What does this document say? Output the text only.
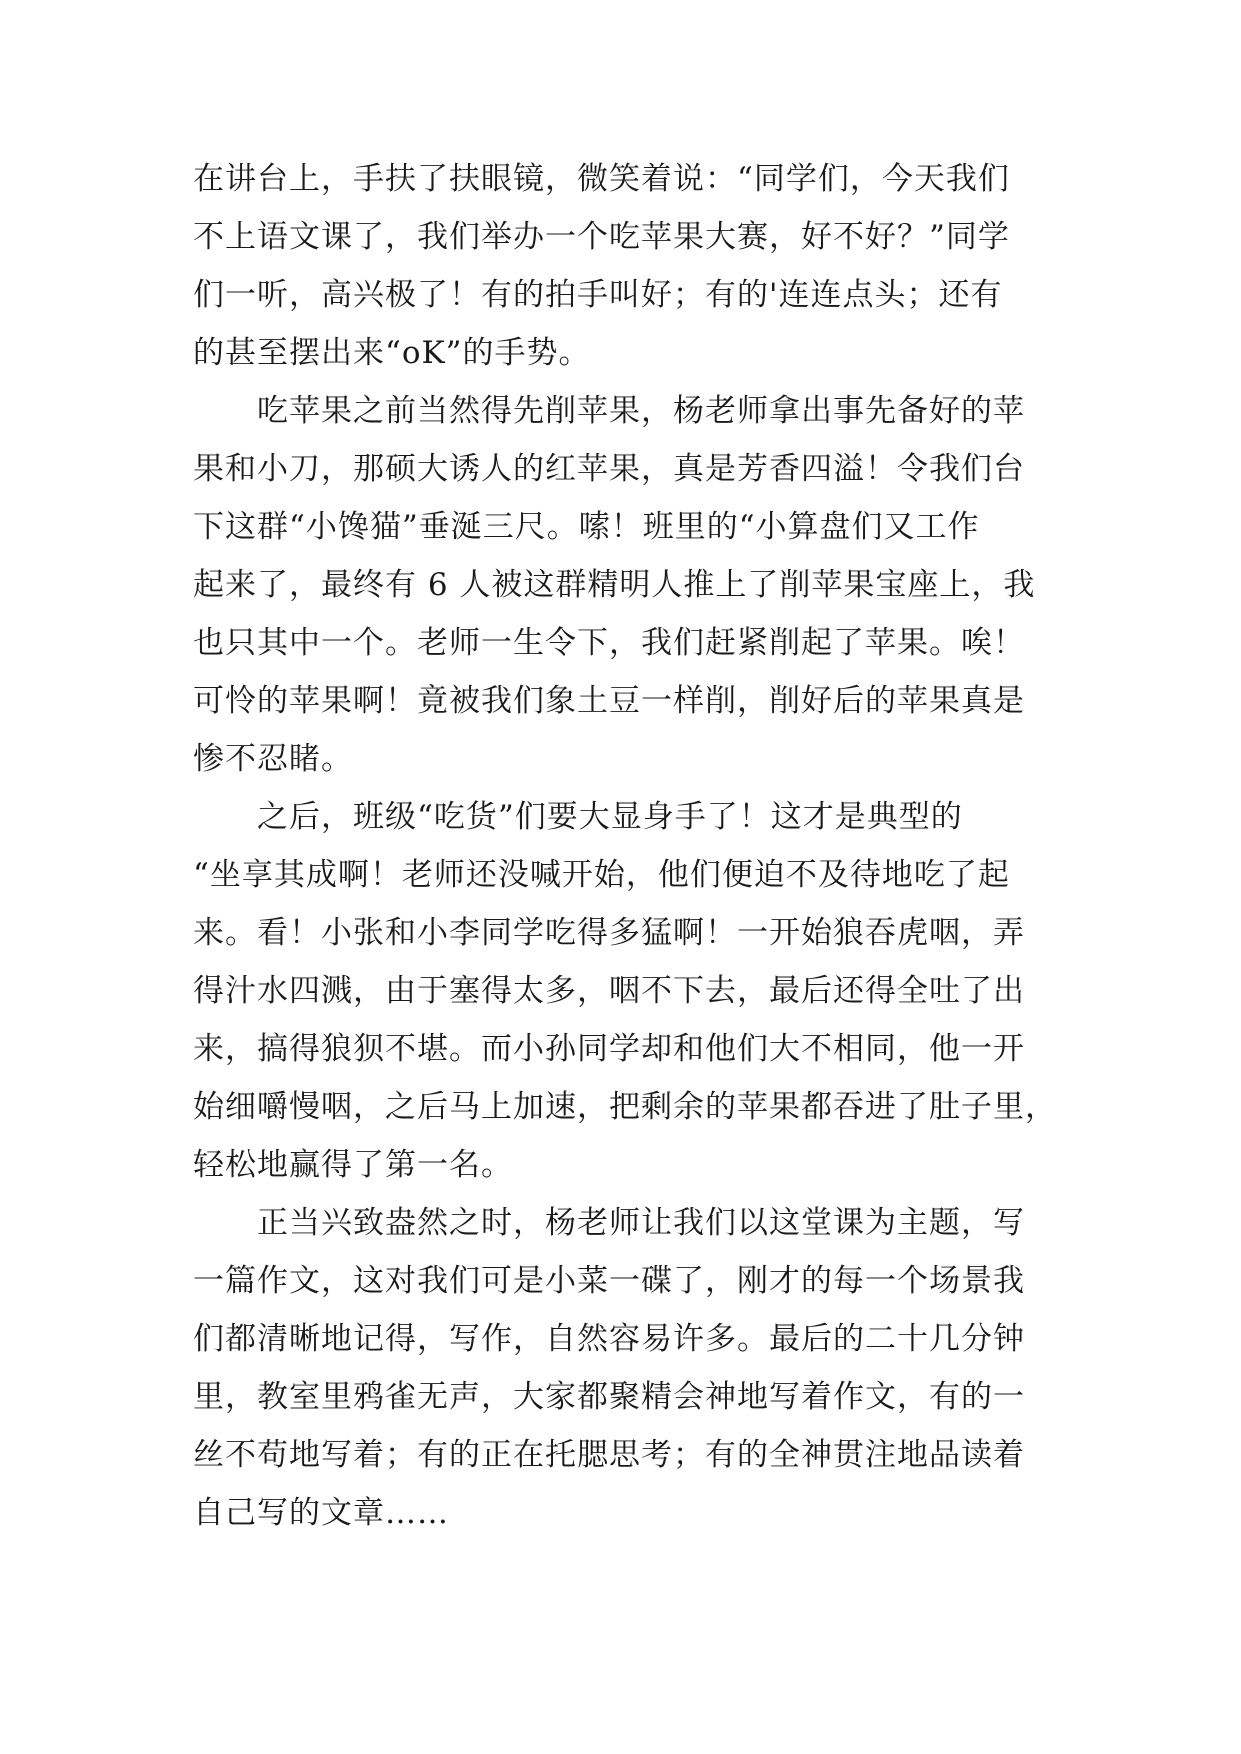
在讲台上，手扶了扶眼镜，微笑着说：“同学们，今天我们
不上语文课了，我们举办一个吃苹果大赛，好不好？”同学
们一听，高兴极了！有的拍手叫好；有的'连连点头；还有
的甚至摆出来“oK”的手势。
吃苹果之前当然得先削苹果，杨老师拿出事先备好的苹
果和小刀，那硕大诱人的红苹果，真是芳香四溢！令我们台
下这群“小馋猫”垂涎三尺。嗦！班里的“小算盘们又工作
起来了，最终有 6 人被这群精明人推上了削苹果宝座上，我
也只其中一个。老师一生令下，我们赶紧削起了苹果。唉！
可怜的苹果啊！竟被我们象土豆一样削，削好后的苹果真是
惨不忍睹。
之后，班级“吃货”们要大显身手了！这才是典型的
“坐享其成啊！老师还没喊开始，他们便迫不及待地吃了起
来。看！小张和小李同学吃得多猛啊！一开始狼吞虎咽，弄
得汁水四溅，由于塞得太多，咽不下去，最后还得全吐了出
来，搞得狼狈不堪。而小孙同学却和他们大不相同，他一开
始细嚼慢咽，之后马上加速，把剩余的苹果都吞进了肚子里，
轻松地赢得了第一名。
正当兴致盎然之时，杨老师让我们以这堂课为主题，写
一篇作文，这对我们可是小菜一碟了，刚才的每一个场景我
们都清晰地记得，写作，自然容易许多。最后的二十几分钟
里，教室里鸦雀无声，大家都聚精会神地写着作文，有的一
丝不苟地写着；有的正在托腮思考；有的全神贯注地品读着
自己写的文章……
